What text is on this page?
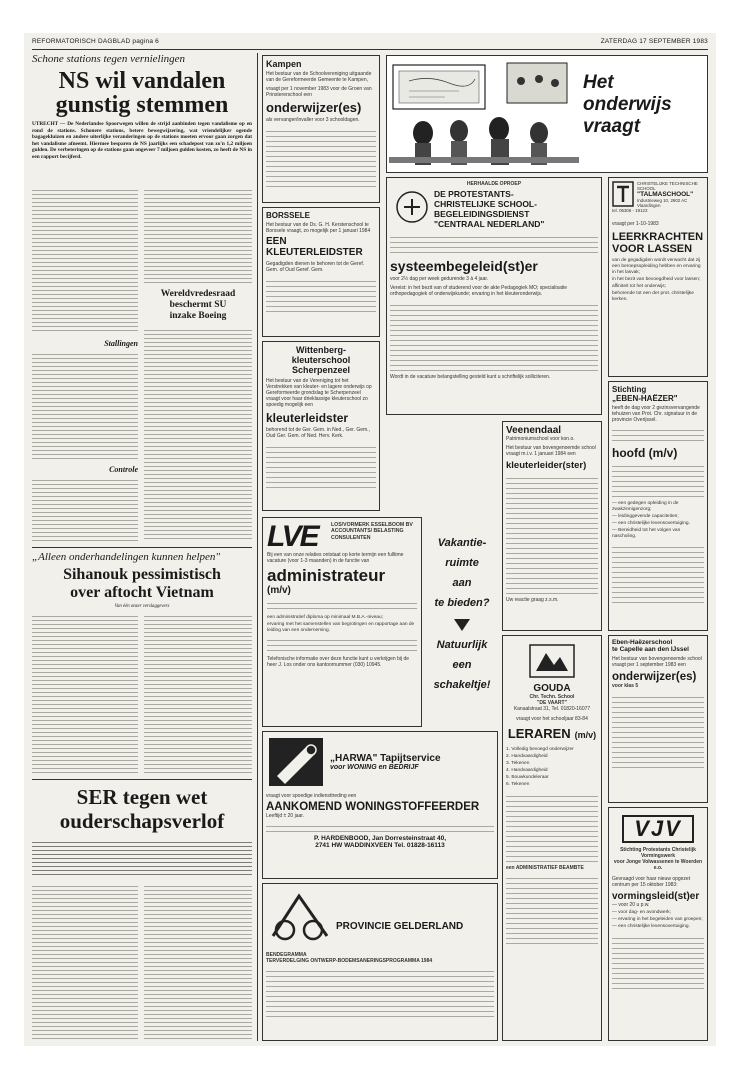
REFORMATORISCH DAGBLAD pagina 6	ZATERDAG 17 SEPTEMBER 1983
Schone stations tegen vernielingen
NS wil vandalen
gunstig stemmen
UTRECHT — De Nederlandse Spoorwegen willen de strijd aanbinden tegen vandalisme op en rond de stations. Schonere stations, betere bewegwijzering, wat vriendelijker ogende bagagekluizen en andere uiterlijke veranderingen op de stations moeten ervoor gaan zorgen dat het vandalisme afneemt. Hiermee besparen de NS jaarlijks een schadepost van zo'n 1,2 miljoen gulden. De verbeteringen op de stations gaan ongeveer 7 miljoen gulden kosten, zo heeft de NS in een rapport becijferd.
Stallingen
Controle
Wereldvredesraad
beschermt SU
inzake Boeing
„Alleen onderhandelingen kunnen helpen"
Sihanouk pessimistisch
over aftocht Vietnam
Van één onzer verslaggevers
SER tegen wet
ouderschapsverlof
Kampen
Het bestuur van de Schoolvereniging uitgaande van de Gereformeerde Gemeente te Kampen,
vraagt per 1 november 1983 voor de Groen van Prinstererschool een
onderwijzer(es)
als vervanger/invaller voor 3 schooldagen.
BORSSELE
Het bestuur van de Ds. G. H. Kerstenschool te Borssele vraagt, zo mogelijk per 1 januari 1984
EEN
KLEUTERLEIDSTER
Gegadigden dienen te behoren tot de Geref. Gem. of Oud Geref. Gem.
Wittenberg-
kleuterschool
Scherpenzeel
Het bestuur van de Vereniging tot het Verstrekken van kleuter- en lagere onderwijs op Gereformeerde grondslag te Scherpenzeel vraagt voor haar drieklassige kleuterschool zo spoedig mogelijk een
kleuterleidster
behorend tot de Ger. Gem. in Ned., Ger. Gem., Oud Ger. Gem. of Ned. Herv. Kerk.
Het
onderwijs
vraagt
HERHAALDE OPROEP
DE PROTESTANTS-
CHRISTELIJKE SCHOOL-
BEGELEIDINGSDIENST
"CENTRAAL NEDERLAND"
systeembegeleid(st)er
voor 2½ dag per week gedurende 3 à 4 jaar.
Vereist: in het bezit van of studerend voor de akte Pedagogiek MO; specialisatie orthopedagogiek of onderwijskunde; ervaring in het kleuteronderwijs.
Wordt in de vacature belangstelling gesteld kunt u schriftelijk solliciteren.
CHRISTELIJKE TECHNISCHE SCHOOL
"TALMASCHOOL"
Industrieweg 10, 2902 AC Vlaardingen
tel. 05306 - 19123
vraagt per 1-10-1983
LEERKRACHTEN
VOOR LASSEN
van de gegadigden wordt verwacht dat zij een beroepsopleiding hebben en ervaring in het lasvak;
in het bezit van bevoegdheid voor lassen;
affiniteit tot het onderwijs;
behorende tot een der prot. christelijke kerken.
Stichting
„EBEN-HAËZER"
heeft de dag voor 2 gezinsvervangende tehuizen van Prot. Chr. signatuur in de provincie Overijssel.
hoofd (m/v)
— een gedegen opleiding in de zwakzinnigenzorg;
— leidinggevende capaciteiten;
— een christelijke levensovertuiging.
— Bereidheid tot het volgen van nascholing.
LVE	LOS/VORMERK ESSELBOOM BV ACCOUNTANTS/ BELASTING CONSULENTEN
Bij een van onze relaties ontstaat op korte termijn een fulltime vacature (voor 1-3 maanden) in de functie van
administrateur
(m/v)
een administratief diploma op minimaal M.B.A.-niveau;
ervaring met het samenstellen van begrotingen en rapportage aan de leiding van een onderneming.
Telefonische informatie over deze functie kunt u verkrijgen bij de heer J. Los onder ons kantoornummer (030) 10945.
Vakantie-
ruimte
aan
te bieden?
Natuurlijk
een
schakeltje!
Veenendaal
Patrimoniumschool voor kon.o.
Het bestuur van bovengenoemde school vraagt m.i.v. 1 januari 1984 een
kleuterleider(ster)
Uw reactie graag z.s.m.
„HARWA" Tapijtservice
voor WONING en BEDRIJF
vraagt voor spoedige indiensttreding een
AANKOMEND WONINGSTOFFEERDER
Leeftijd ± 20 jaar.
P. HARDENBOOD, Jan Dorresteinstraat 40,
2741 HW WADDINXVEEN Tel. 01828-16113
PROVINCIE GELDERLAND
BENDEGRAMMA
TERVERDELGING ONTWERP-BODEMSANERINGSPROGRAMMA 1984
GOUDA
Chr. Techn. School
"DE VAART"
Kanaalstraat 31, Tel. 01820-16077
vraagt voor het schooljaar 83-84
LERAREN (m/v)
1. Volledig bevoegd onderwijzer
2. Handvaardigheid
3. Tekenen
4. Handvaardigheid
5. Bouwkundeleraar
6. Tekenen
een ADMINISTRATIEF BEAMBTE
Eben-Haëzerschool
te Capelle aan den IJssel
Het bestuur van bovengenoemde school vraagt per 1 september 1983 een
onderwijzer(es)
voor klas 5
VJV
Stichting Protestants Christelijk Vormingswerk
voor Jonge Volwassenen te Woerden e.o.
Gevraagd voor haar nieuw opgezet centrum per 15 oktober 1983:
vormingsleid(st)er
— voor 20 u p.w.
— voor dag- en avondwerk;
— ervaring in het begeleiden van groepen;
— een christelijke levensovertuiging.
